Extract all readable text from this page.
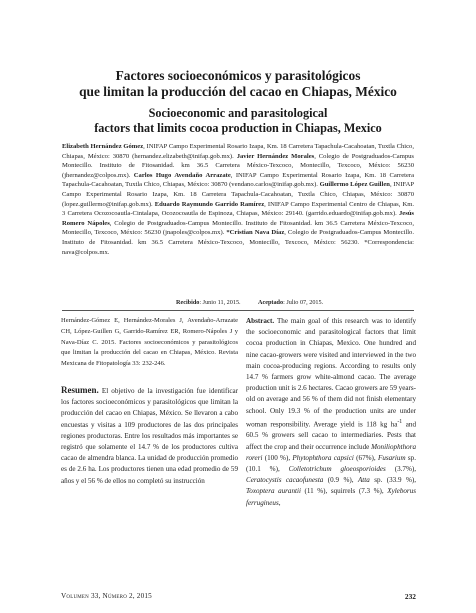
Factores socioeconómicos y parasitológicos
que limitan la producción del cacao en Chiapas, México
Socioeconomic and parasitological
factors that limits cocoa production in Chiapas, Mexico
Elizabeth Hernández Gómez, INIFAP Campo Experimental Rosario Izapa, Km. 18 Carretera Tapachula-Cacahoatan, Tuxtla Chico, Chiapas, México: 30870 (hernandez.elizabeth@inifap.gob.mx). Javier Hernández Morales, Colegio de Postgraduados-Campus Montecillo. Instituto de Fitosanidad. km 36.5 Carretera México-Texcoco, Montecillo, Texcoco, México: 56230 (jhernandez@colpos.mx). Carlos Hugo Avendaño Arrazate, INIFAP Campo Experimental Rosario Izapa, Km. 18 Carretera Tapachula-Cacahoatan, Tuxtla Chico, Chiapas, México: 30870 (vendano.carlos@inifap.gob.mx). Guillermo López Guillen, INIFAP Campo Experimental Rosario Izapa, Km. 18 Carretera Tapachula-Cacahoatan, Tuxtla Chico, Chiapas, México: 30870 (lopez.guillermo@inifap.gob.mx). Eduardo Raymundo Garrido Ramírez, INIFAP Campo Experimental Centro de Chiapas, Km. 3 Carretera Ocozocoautla-Cintalapa, Ocozocoautla de Espinoza, Chiapas, México: 29140. (garrido.eduardo@inifap.gob.mx). Jesús Romero Nápoles, Colegio de Postgraduados-Campus Montecillo. Instituto de Fitosanidad. km 36.5 Carretera México-Texcoco, Montecillo, Texcoco, México: 56230 (jnapoles@colpos.mx). *Cristian Nava Díaz, Colegio de Postgraduados-Campus Montecillo. Instituto de Fitosanidad. km 36.5 Carretera México-Texcoco, Montecillo, Texcoco, México: 56230. *Correspondencia: nava@colpos.mx.
Recibido: Junio 11, 2015.	Aceptado: Julio 07, 2015.

Hernández-Gómez E, Hernández-Morales J, Avendaño-Arrazate CH, López-Guillen G, Garrido-Ramírez ER, Romero-Nápoles J y Nava-Díaz C. 2015. Factores socioeconómicos y parasitológicos que limitan la producción del cacao en Chiapas, México. Revista Mexicana de Fitopatología 33: 232-246.

Resumen. El objetivo de la investigación fue identificar los factores socioeconómicos y parasitológicos que limitan la producción del cacao en Chiapas, México. Se llevaron a cabo encuestas y visitas a 109 productores de las dos principales regiones productoras. Entre los resultados más importantes se registró que solamente el 14.7 % de los productores cultiva cacao de almendra blanca. La unidad de producción promedio es de 2.6 ha. Los productores tienen una edad promedio de 59 años y el 56 % de ellos no completó su instrucción

Abstract. The main goal of this research was to identify the socioeconomic and parasitological factors that limit cocoa production in Chiapas, Mexico. One hundred and nine cacao-growers were visited and interviewed in the two main cocoa-producing regions. According to results only 14.7 % farmers grow white-almond cacao. The average production unit is 2.6 hectares. Cacao growers are 59 years-old on average and 56 % of them did not finish elementary school. Only 19.3 % of the production units are under woman responsibility. Average yield is 118 kg $ha^{-1}$ and 60.5 % growers sell cacao to intermediaries. Pests that affect the crop and their occurrence include Moniliophthora roreri (100 %), Phytophthora capsici (67%), Fusarium sp. (10.1 %), Colletotrichum gloeosporioides (3.7%), Ceratocystis cacaofunesta (0.9 %), Atta sp. (33.9 %), Toxoptera aurantii (11 %), squirrels (7.3 %), Xyleborus ferrugineus,

Volumen 33, Número 2, 2015	232
